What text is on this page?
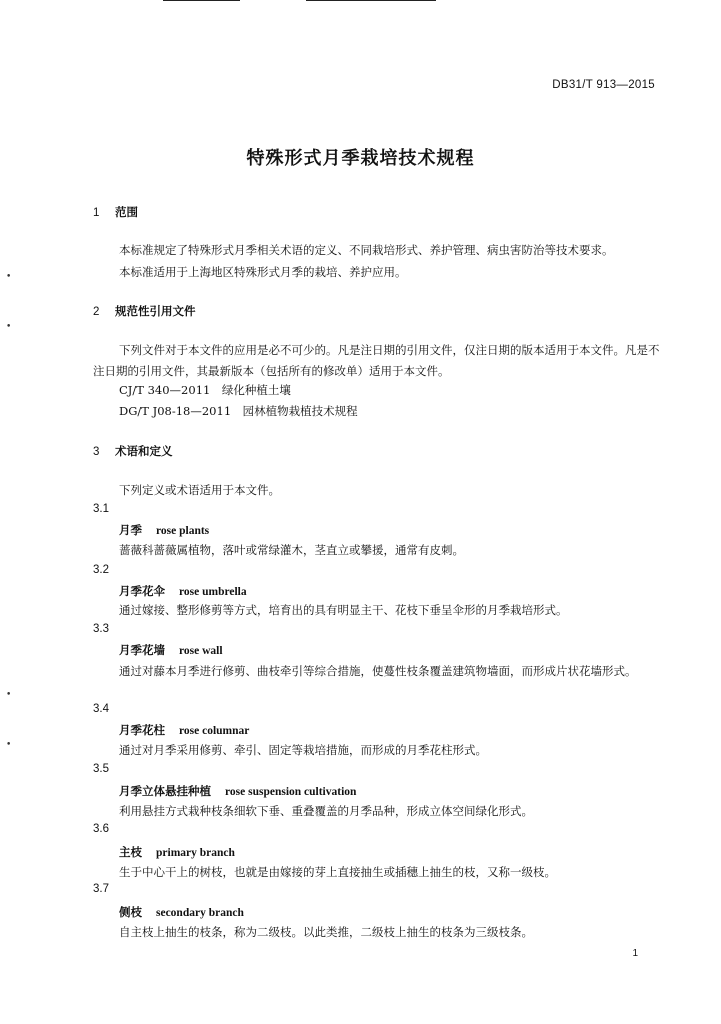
•
•
•
•
DB31/T 913—2015
特殊形式月季栽培技术规程
1 范围
本标准规定了特殊形式月季相关术语的定义、不同栽培形式、养护管理、病虫害防治等技术要求。
本标准适用于上海地区特殊形式月季的栽培、养护应用。
2 规范性引用文件
下列文件对于本文件的应用是必不可少的。凡是注日期的引用文件，仅注日期的版本适用于本文件。凡是不注日期的引用文件，其最新版本（包括所有的修改单）适用于本文件。
CJ/T 340—2011　绿化种植土壤
DG/T J08-18—2011　园林植物栽植技术规程
3 术语和定义
下列定义或术语适用于本文件。
3.1
月季 rose plants
蔷薇科蔷薇属植物，落叶或常绿灌木，茎直立或攀援，通常有皮刺。
3.2
月季花伞 rose umbrella
通过嫁接、整形修剪等方式，培育出的具有明显主干、花枝下垂呈伞形的月季栽培形式。
3.3
月季花墙 rose wall
通过对藤本月季进行修剪、曲枝牵引等综合措施，使蔓性枝条覆盖建筑物墙面，而形成片状花墙形式。
3.4
月季花柱 rose columnar
通过对月季采用修剪、牵引、固定等栽培措施，而形成的月季花柱形式。
3.5
月季立体悬挂种植 rose suspension cultivation
利用悬挂方式栽种枝条细软下垂、重叠覆盖的月季品种，形成立体空间绿化形式。
3.6
主枝 primary branch
生于中心干上的树枝，也就是由嫁接的芽上直接抽生或插穗上抽生的枝，又称一级枝。
3.7
侧枝 secondary branch
自主枝上抽生的枝条，称为二级枝。以此类推，二级枝上抽生的枝条为三级枝条。
1
